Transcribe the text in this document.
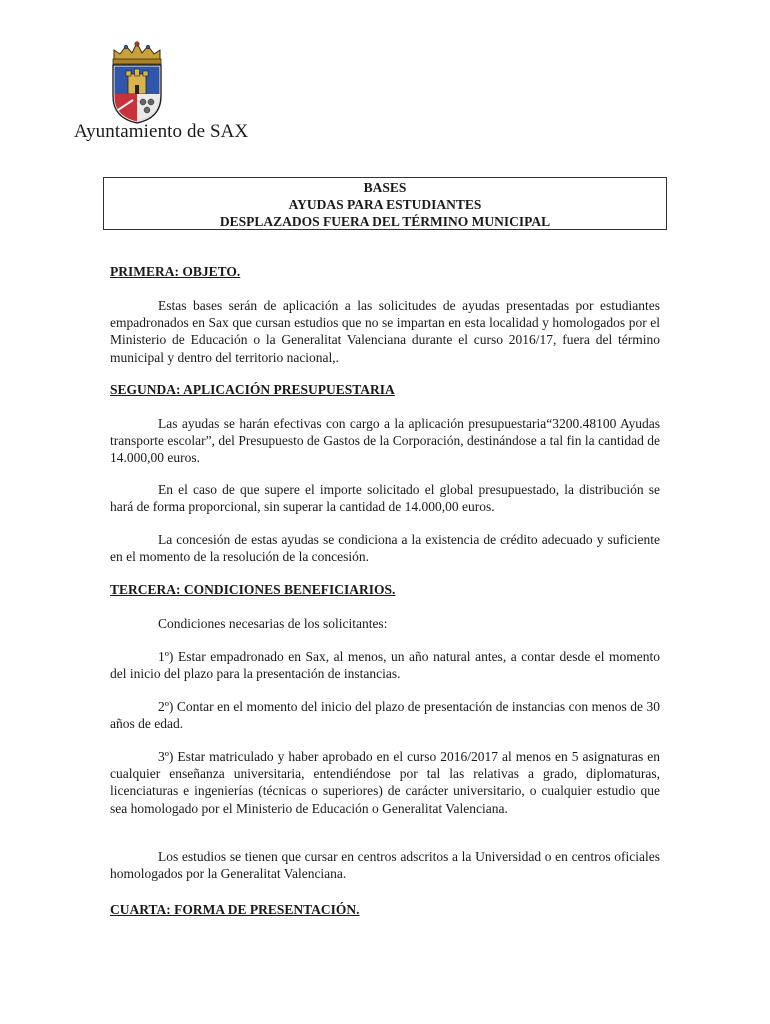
Ayuntamiento de SAX
BASES
AYUDAS PARA ESTUDIANTES
DESPLAZADOS FUERA DEL TÉRMINO MUNICIPAL
PRIMERA: OBJETO.
Estas bases serán de aplicación a las solicitudes de ayudas presentadas por estudiantes empadronados en Sax que cursan estudios que no se impartan en esta localidad y homologados por el Ministerio de Educación o la Generalitat Valenciana durante el curso 2016/17, fuera del término municipal y dentro del territorio nacional,.
SEGUNDA: APLICACIÓN PRESUPUESTARIA
Las ayudas se harán efectivas con cargo a la aplicación presupuestaria“3200.48100 Ayudas transporte escolar”, del Presupuesto de Gastos de la Corporación, destinándose a tal fin la cantidad de 14.000,00 euros.
En el caso de que supere el importe solicitado el global presupuestado, la distribución se hará de forma proporcional, sin superar la cantidad de 14.000,00 euros.
La concesión de estas ayudas se condiciona a la existencia de crédito adecuado y suficiente en el momento de la resolución de la concesión.
TERCERA: CONDICIONES BENEFICIARIOS.
Condiciones necesarias de los solicitantes:
1º) Estar empadronado en Sax, al menos, un año natural antes, a contar desde el momento del inicio del plazo para la presentación de instancias.
2º) Contar en el momento del inicio del plazo de presentación de instancias con menos de 30 años de edad.
3º) Estar matriculado y haber aprobado en el curso 2016/2017 al menos en 5 asignaturas en cualquier enseñanza universitaria, entendiéndose por tal las relativas a grado, diplomaturas, licenciaturas e ingenierías (técnicas o superiores) de carácter universitario, o cualquier estudio que sea homologado por el Ministerio de Educación o Generalitat Valenciana.
Los estudios se tienen que cursar en centros adscritos a la Universidad o en centros oficiales homologados por la Generalitat Valenciana.
CUARTA: FORMA DE PRESENTACIÓN.
